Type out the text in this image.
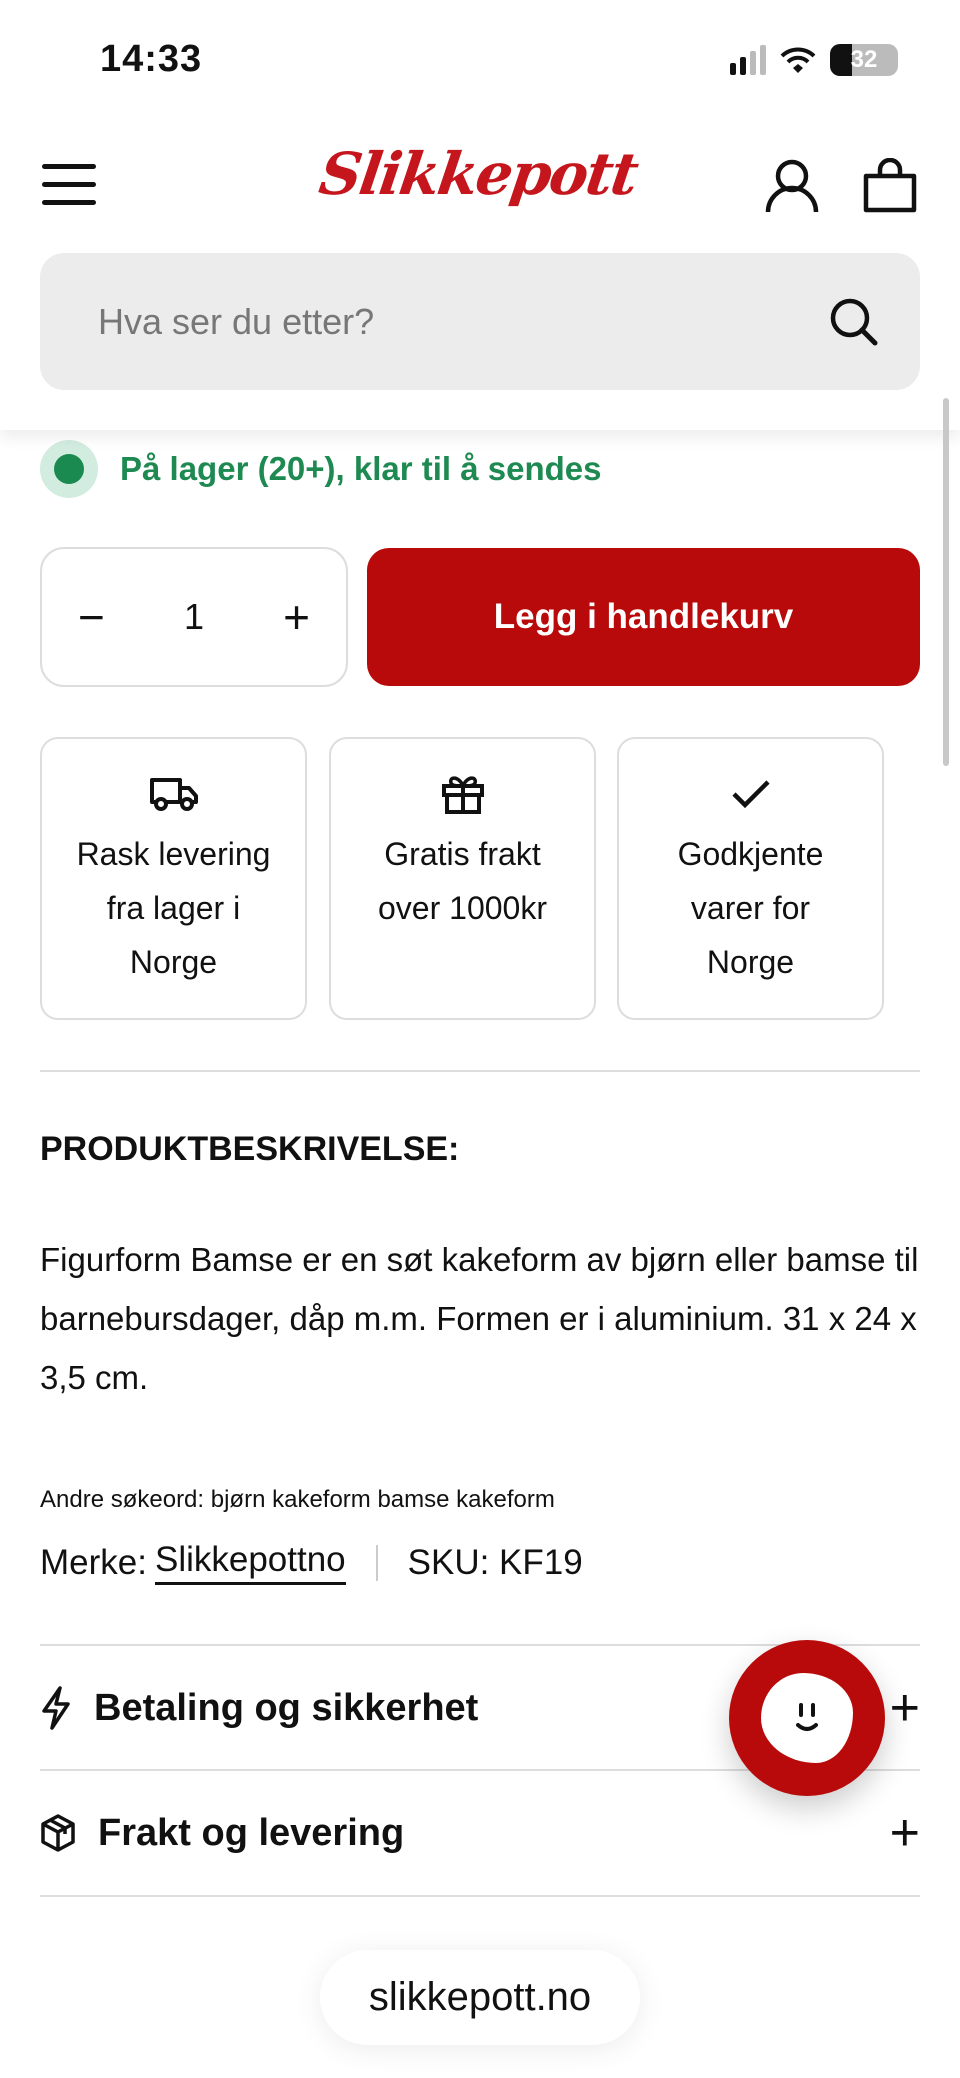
14:33	32
Slikkepott
Hva ser du etter?
På lager (20+), klar til å sendes
− 1 +	Legg i handlekurv
Rask levering fra lager i Norge
Gratis frakt over 1000kr
Godkjente varer for Norge
PRODUKTBESKRIVELSE:
Figurform Bamse er en søt kakeform av bjørn eller bamse til barnebursdager, dåp m.m. Formen er i aluminium. 31 x 24 x 3,5 cm.
Andre søkeord: bjørn kakeform bamse kakeform
Merke: Slikkepottno SKU: KF19
Betaling og sikkerhet	+
Frakt og levering	+
slikkepott.no
